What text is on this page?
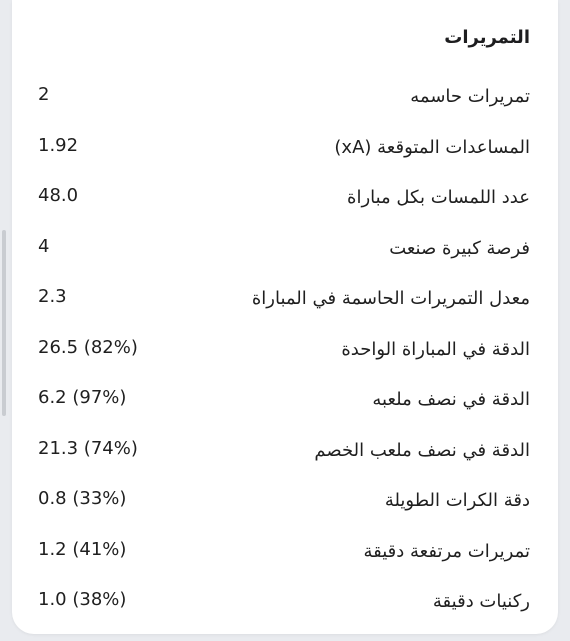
التمريرات
تمريرات حاسمه
2
المساعدات المتوقعة (xA)
1.92
عدد اللمسات بكل مباراة
48.0
فرصة كبيرة صنعت
4
معدل التمريرات الحاسمة في المباراة
2.3
الدقة في المباراة الواحدة
26.5 (82%)
الدقة في نصف ملعبه
6.2 (97%)
الدقة في نصف ملعب الخصم
21.3 (74%)
دقة الكرات الطويلة
0.8 (33%)
تمريرات مرتفعة دقيقة
1.2 (41%)
ركنيات دقيقة
1.0 (38%)
